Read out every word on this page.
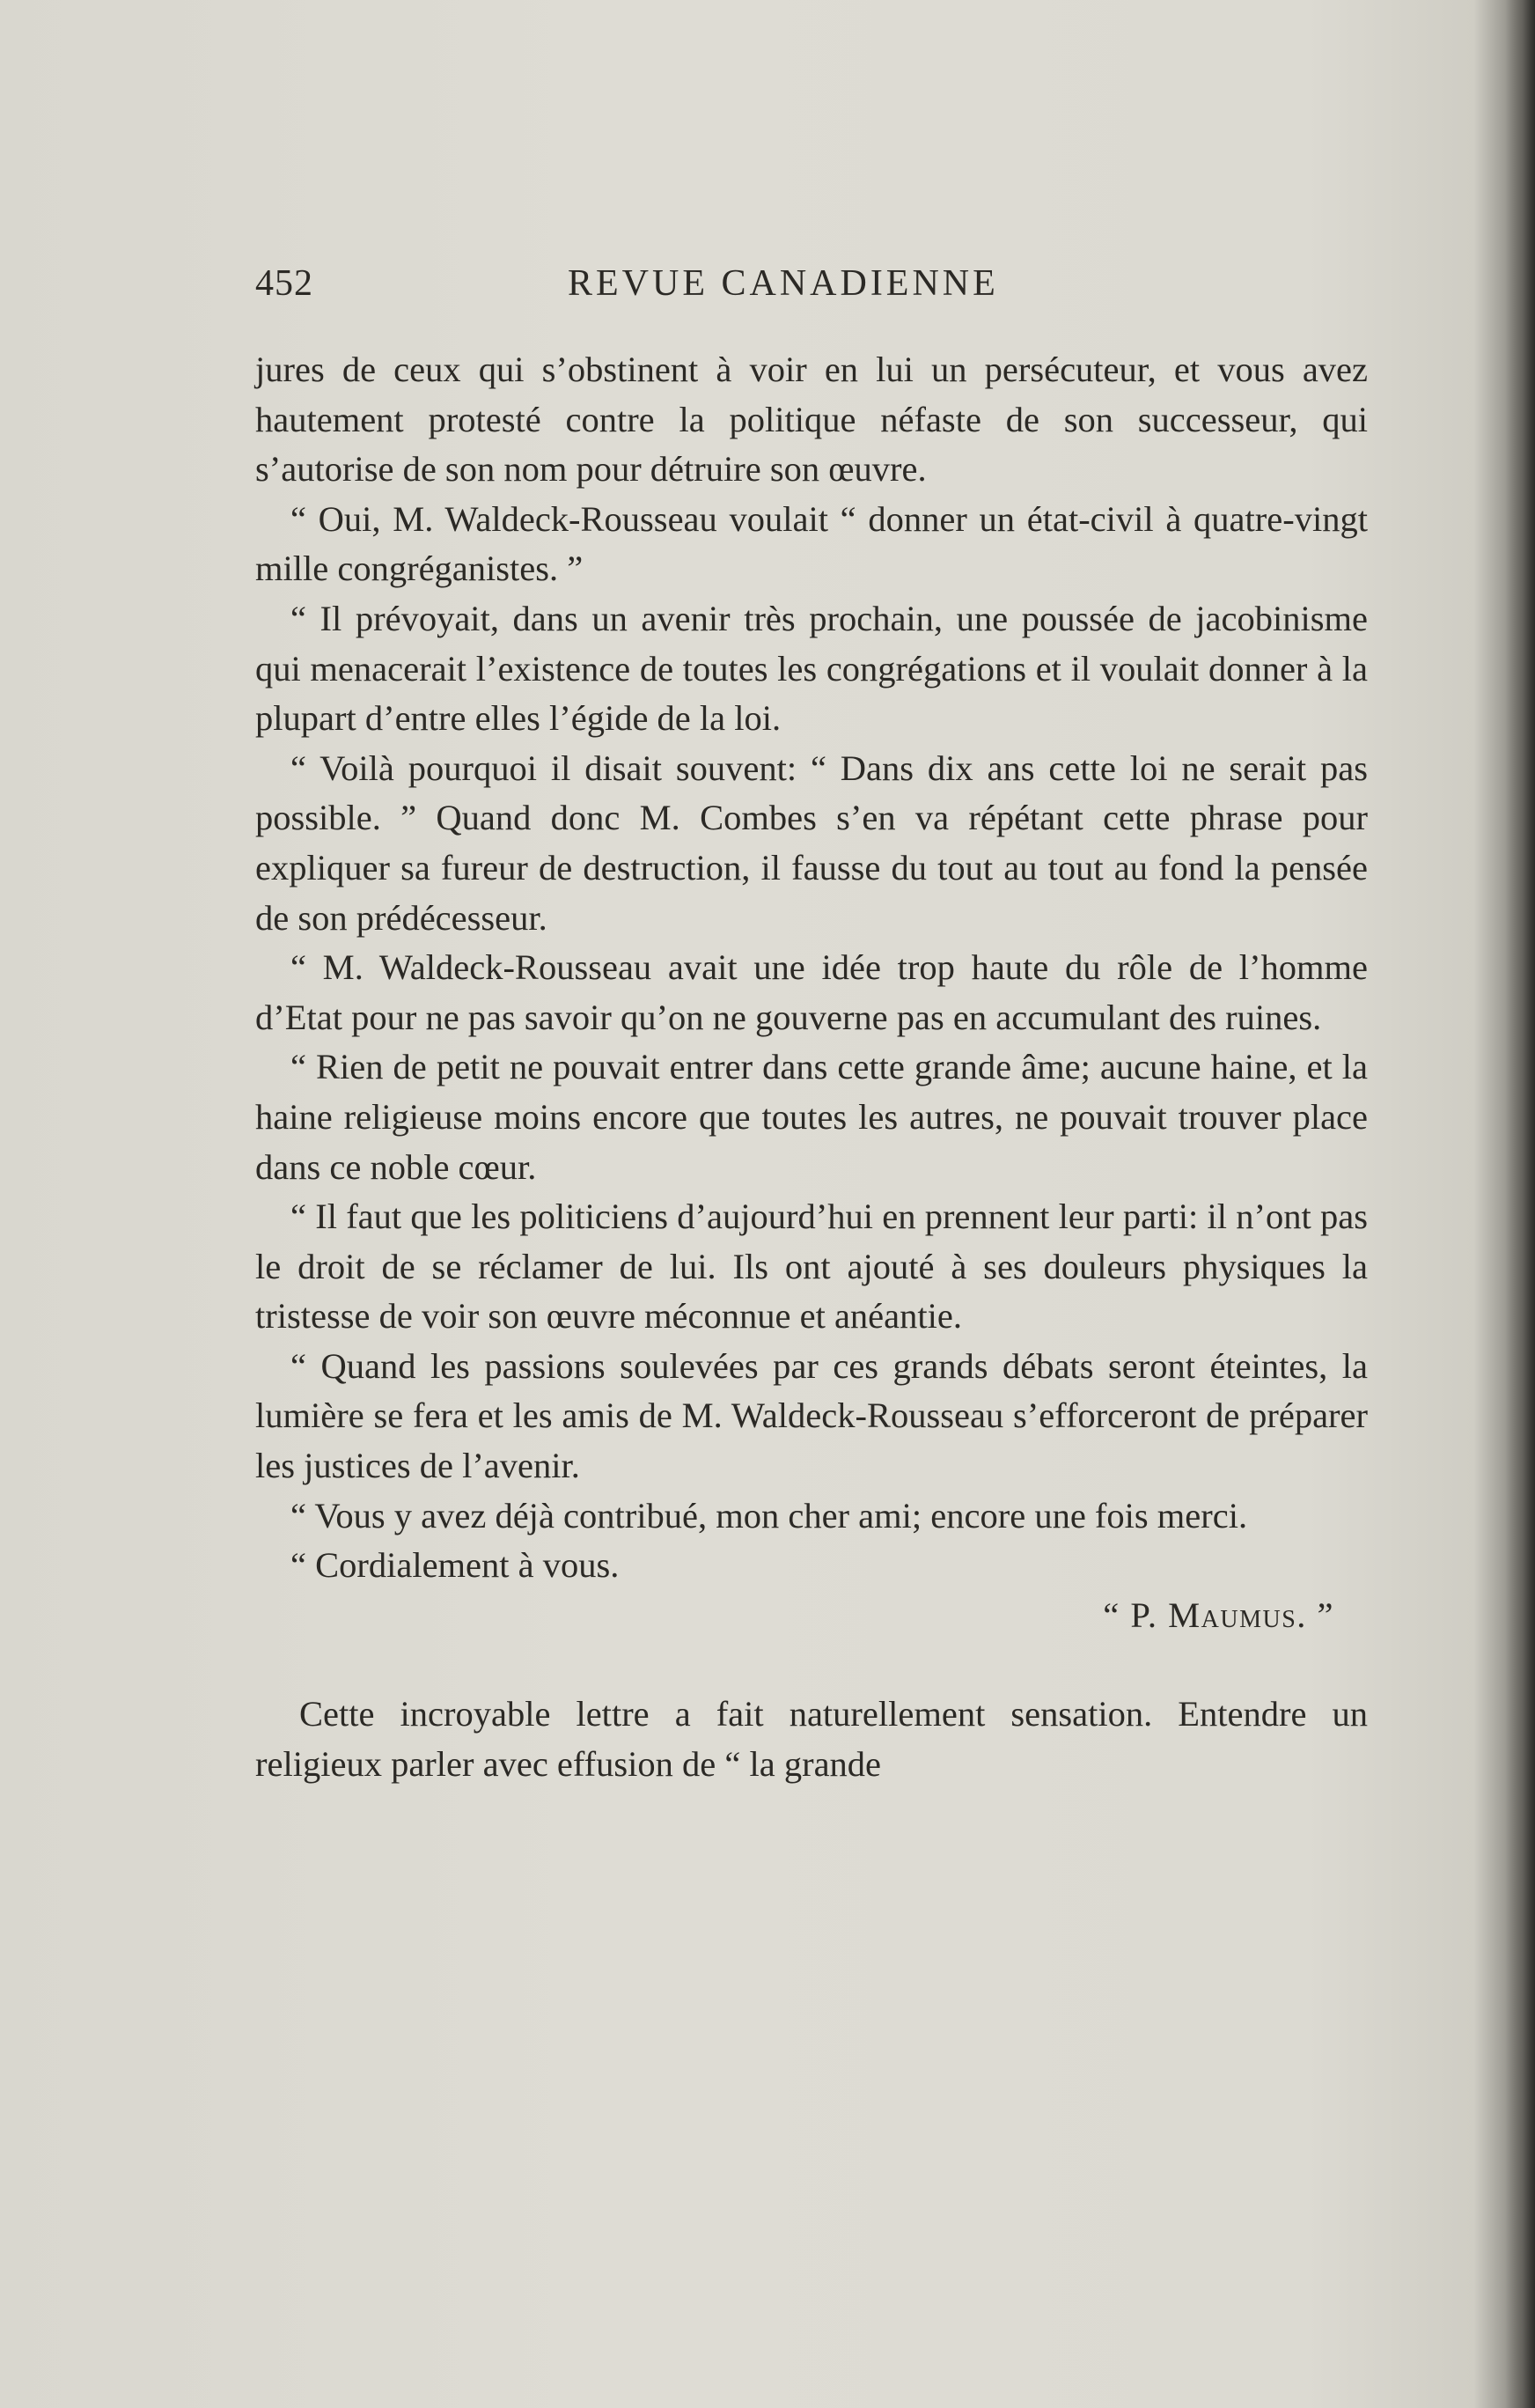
452	REVUE CANADIENNE

jures de ceux qui s’obstinent à voir en lui un persécuteur, et vous avez hautement protesté contre la politique néfaste de son successeur, qui s’autorise de son nom pour détruire son œuvre.

“ Oui, M. Waldeck-Rousseau voulait “ donner un état-civil à quatre-vingt mille congréganistes. ”

“ Il prévoyait, dans un avenir très prochain, une poussée de jacobinisme qui menacerait l’existence de toutes les congrégations et il voulait donner à la plupart d’entre elles l’égide de la loi.

“ Voilà pourquoi il disait souvent: “ Dans dix ans cette loi ne serait pas possible. ” Quand donc M. Combes s’en va répétant cette phrase pour expliquer sa fureur de destruction, il fausse du tout au tout au fond la pensée de son prédécesseur.

“ M. Waldeck-Rousseau avait une idée trop haute du rôle de l’homme d’Etat pour ne pas savoir qu’on ne gouverne pas en accumulant des ruines.

“ Rien de petit ne pouvait entrer dans cette grande âme; aucune haine, et la haine religieuse moins encore que toutes les autres, ne pouvait trouver place dans ce noble cœur.

“ Il faut que les politiciens d’aujourd’hui en prennent leur parti: il n’ont pas le droit de se réclamer de lui. Ils ont ajouté à ses douleurs physiques la tristesse de voir son œuvre méconnue et anéantie.

“ Quand les passions soulevées par ces grands débats seront éteintes, la lumière se fera et les amis de M. Waldeck-Rousseau s’efforceront de préparer les justices de l’avenir.

“ Vous y avez déjà contribué, mon cher ami; encore une fois merci.

“ Cordialement à vous.

“ P. Maumus. ”

Cette incroyable lettre a fait naturellement sensation. Entendre un religieux parler avec effusion de “ la grande
